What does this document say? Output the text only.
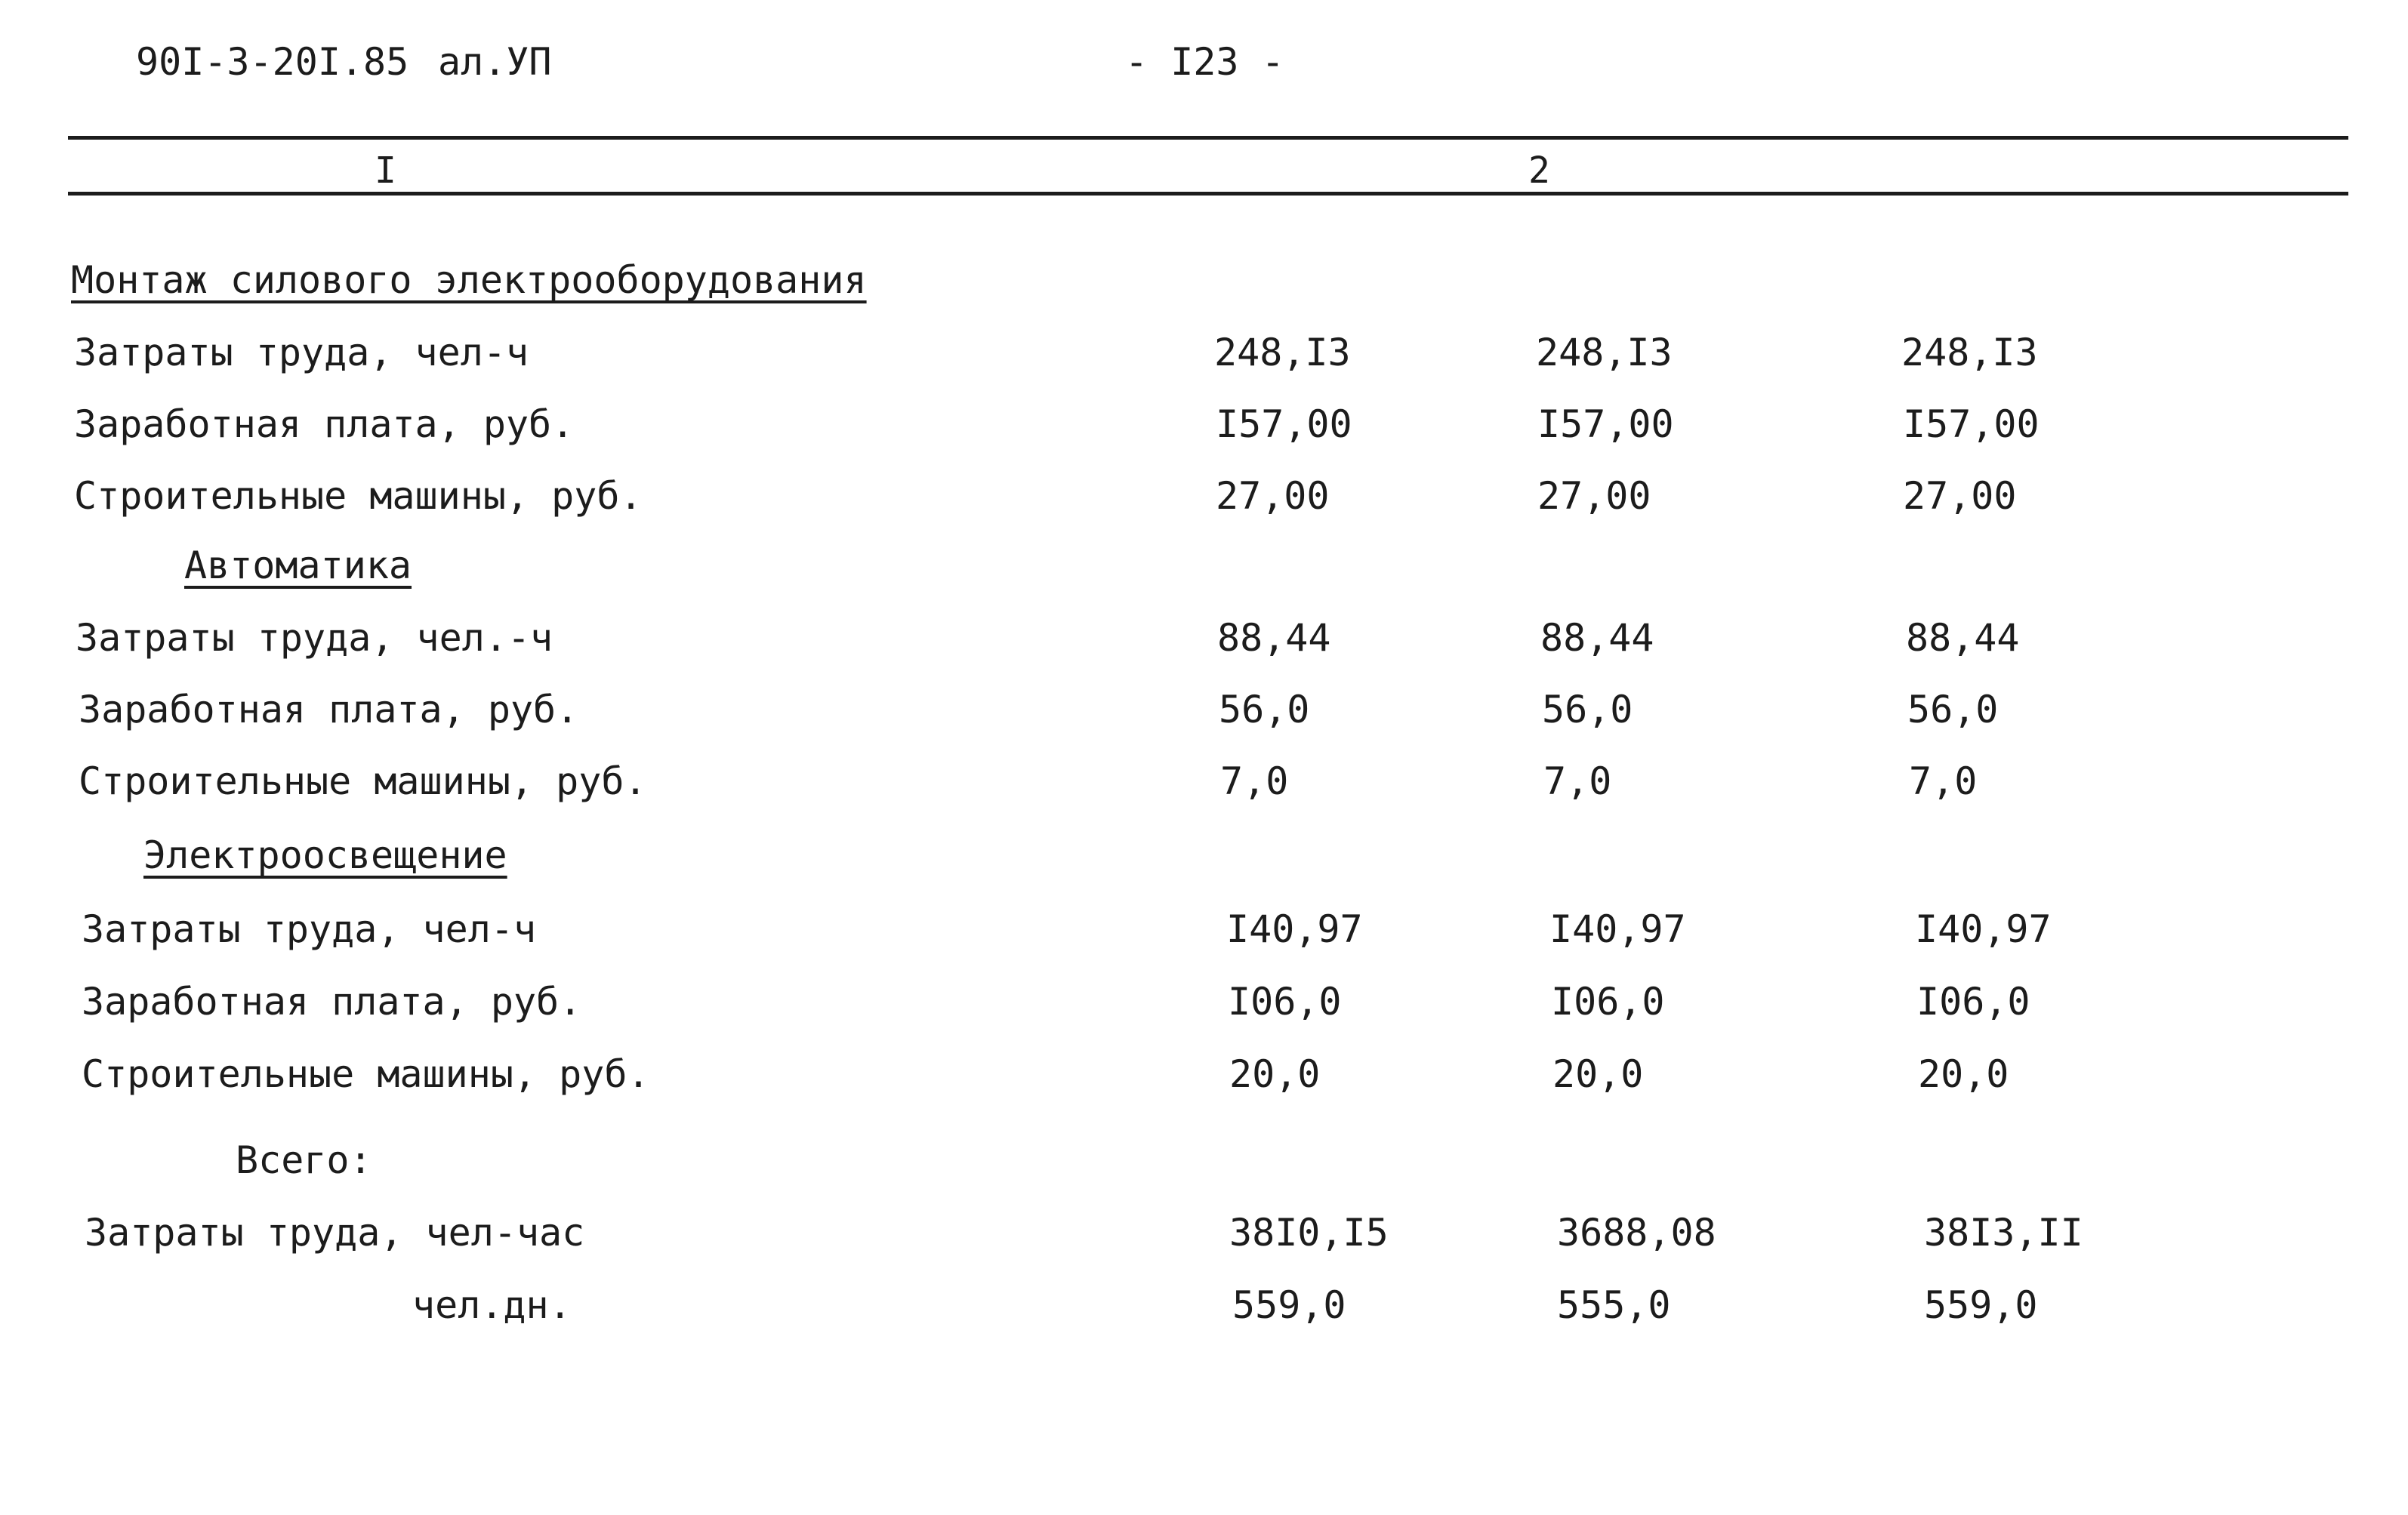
90I-3-20I.85 ал.УП	- I23 -
I	2
Монтаж силового электрооборудования
Затраты труда, чел-ч	248,I3	248,I3	248,I3
Заработная плата, руб.	I57,00	I57,00	I57,00
Строительные машины, руб.	27,00	27,00	27,00
Автоматика
Затраты труда, чел.-ч	88,44	88,44	88,44
Заработная плата, руб.	56,0	56,0	56,0
Строительные машины, руб.	7,0	7,0	7,0
Электроосвещение
Затраты труда, чел-ч	I40,97	I40,97	I40,97
Заработная плата, руб.	I06,0	I06,0	I06,0
Строительные машины, руб.	20,0	20,0	20,0
Всего:
Затраты труда, чел-час	38I0,I5	3688,08	38I3,II
чел.дн.	559,0	555,0	559,0
